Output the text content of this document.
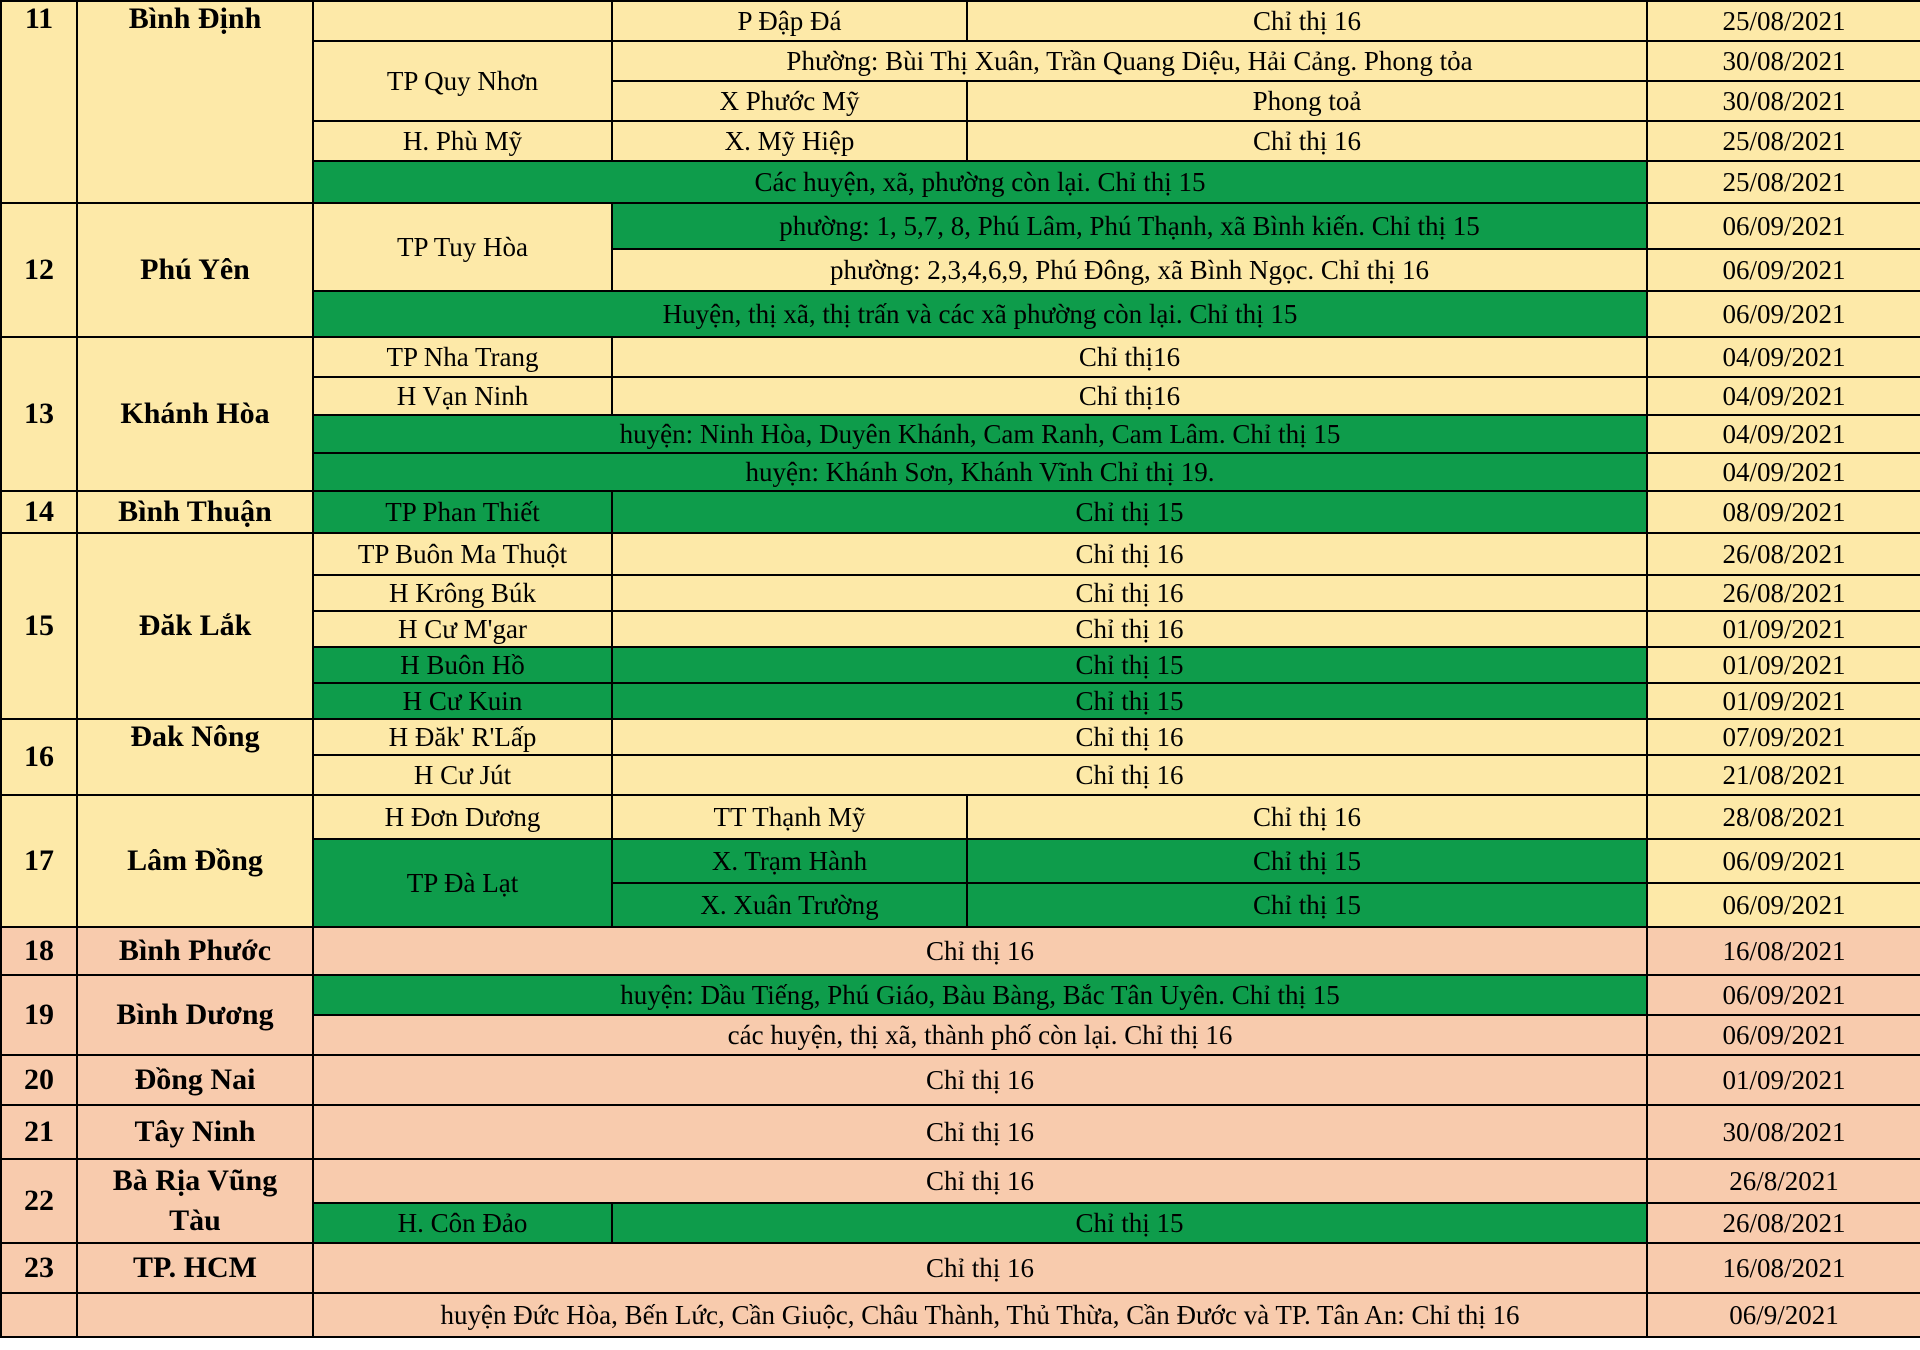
11	Bình Định		P Đập Đá	Chỉ thị 16	25/08/2021
		TP Quy Nhơn	Phường: Bùi Thị Xuân, Trần Quang Diệu, Hải Cảng. Phong tỏa		30/08/2021
			X Phước Mỹ	Phong toả	30/08/2021
		H. Phù Mỹ	X. Mỹ Hiệp	Chỉ thị 16	25/08/2021
		Các huyện, xã, phường còn lại. Chỉ thị 15			25/08/2021
12	Phú Yên	TP Tuy Hòa	phường: 1, 5,7, 8, Phú Lâm, Phú Thạnh, xã Bình kiến. Chỉ thị 15		06/09/2021
			phường: 2,3,4,6,9, Phú Đông, xã Bình Ngọc. Chỉ thị 16		06/09/2021
		Huyện, thị xã, thị trấn và các xã phường còn lại. Chỉ thị 15			06/09/2021
13	Khánh Hòa	TP Nha Trang	Chỉ thị16		04/09/2021
		H Vạn Ninh	Chỉ thị16		04/09/2021
		huyện: Ninh Hòa, Duyên Khánh, Cam Ranh, Cam Lâm. Chỉ thị 15			04/09/2021
		huyện: Khánh Sơn, Khánh Vĩnh Chỉ thị 19.			04/09/2021
14	Bình Thuận	TP Phan Thiết	Chỉ thị 15		08/09/2021
15	Đăk Lắk	TP Buôn Ma Thuột	Chỉ thị 16		26/08/2021
		H Krông Búk	Chỉ thị 16		26/08/2021
		H Cư M'gar	Chỉ thị 16		01/09/2021
		H Buôn Hồ	Chỉ thị 15		01/09/2021
		H Cư Kuin	Chỉ thị 15		01/09/2021
16	Đak Nông	H Đăk' R'Lấp	Chỉ thị 16		07/09/2021
		H Cư Jút	Chỉ thị 16		21/08/2021
17	Lâm Đồng	H Đơn Dương	TT Thạnh Mỹ	Chỉ thị 16	28/08/2021
		TP Đà Lạt	X. Trạm Hành	Chỉ thị 15	06/09/2021
			X. Xuân Trường	Chỉ thị 15	06/09/2021
18	Bình Phước	Chỉ thị 16			16/08/2021
19	Bình Dương	huyện: Dầu Tiếng, Phú Giáo, Bàu Bàng, Bắc Tân Uyên. Chỉ thị 15			06/09/2021
		các huyện, thị xã, thành phố còn lại. Chỉ thị 16			06/09/2021
20	Đồng Nai	Chỉ thị 16			01/09/2021
21	Tây Ninh	Chỉ thị 16			30/08/2021
22	Bà Rịa Vũng Tàu	Chỉ thị 16			26/8/2021
		H. Côn Đảo	Chỉ thị 15		26/08/2021
23	TP. HCM	Chỉ thị 16			16/08/2021
		huyện Đức Hòa, Bến Lức, Cần Giuộc, Châu Thành, Thủ Thừa, Cần Đước và TP. Tân An: Chỉ thị 16			06/9/2021
